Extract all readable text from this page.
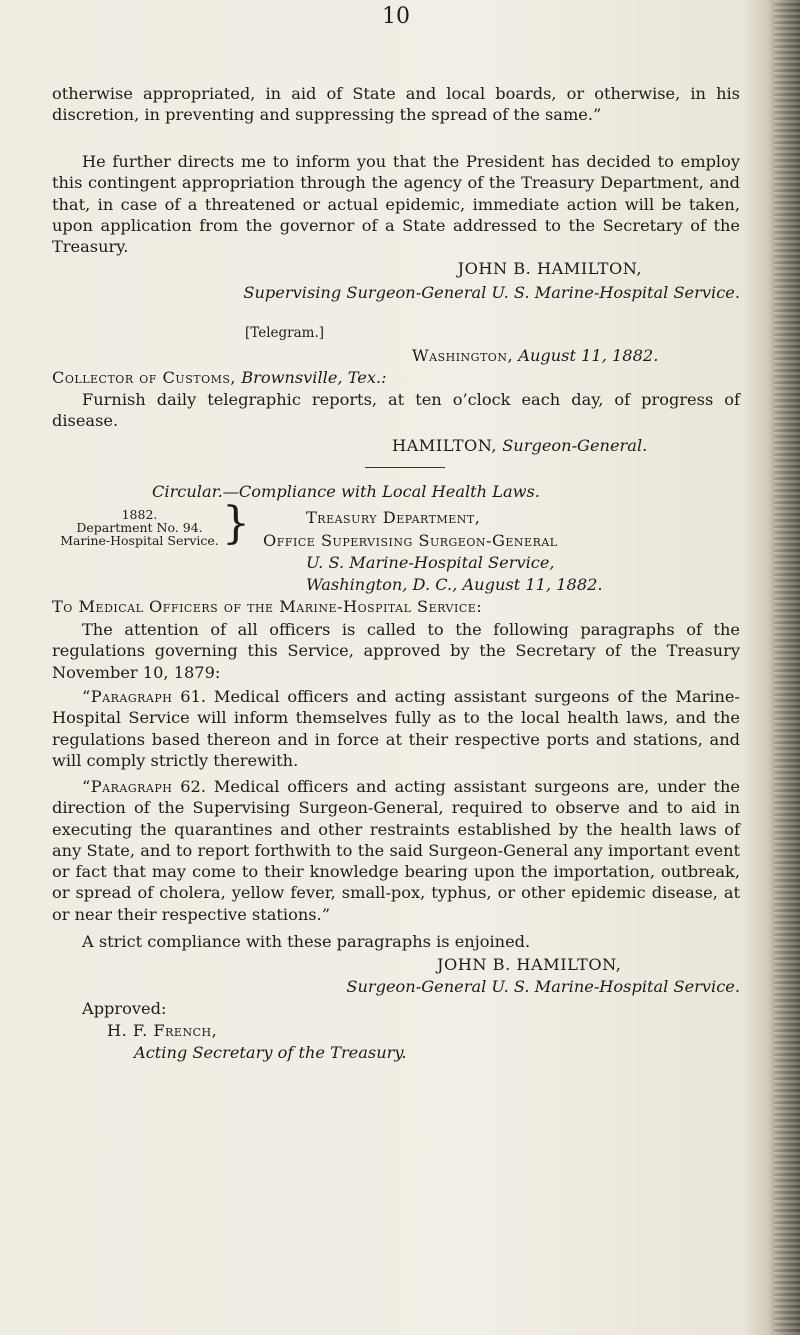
10
otherwise appropriated, in aid of State and local boards, or otherwise, in his discretion, in preventing and suppressing the spread of the same.”
He further directs me to inform you that the President has decided to employ this contingent appropriation through the agency of the Treasury Department, and that, in case of a threatened or actual epidemic, immediate action will be taken, upon application from the governor of a State addressed to the Secretary of the Treasury.
JOHN B. HAMILTON,
Supervising Surgeon-General U. S. Marine-Hospital Service.
[Telegram.]
Washington, August 11, 1882.
Collector of Customs, Brownsville, Tex.:
Furnish daily telegraphic reports, at ten o’clock each day, of progress of disease.
HAMILTON, Surgeon-General.
Circular.—Compliance with Local Health Laws.
1882.
Department No. 94.
Marine-Hospital Service. }	Treasury Department,
Office Supervising Surgeon-General
U. S. Marine-Hospital Service,
Washington, D. C., August 11, 1882.
To Medical Officers of the Marine-Hospital Service:
The attention of all officers is called to the following paragraphs of the regulations governing this Service, approved by the Secretary of the Treasury November 10, 1879:
“Paragraph 61. Medical officers and acting assistant surgeons of the Marine-Hospital Service will inform themselves fully as to the local health laws, and the regulations based thereon and in force at their respective ports and stations, and will comply strictly therewith.
“Paragraph 62. Medical officers and acting assistant surgeons are, under the direction of the Supervising Surgeon-General, required to observe and to aid in executing the quarantines and other restraints established by the health laws of any State, and to report forthwith to the said Surgeon-General any important event or fact that may come to their knowledge bearing upon the importation, outbreak, or spread of cholera, yellow fever, small-pox, typhus, or other epidemic disease, at or near their respective stations.”
A strict compliance with these paragraphs is enjoined.
JOHN B. HAMILTON,
Surgeon-General U. S. Marine-Hospital Service.
Approved:
H. F. French,
Acting Secretary of the Treasury.
